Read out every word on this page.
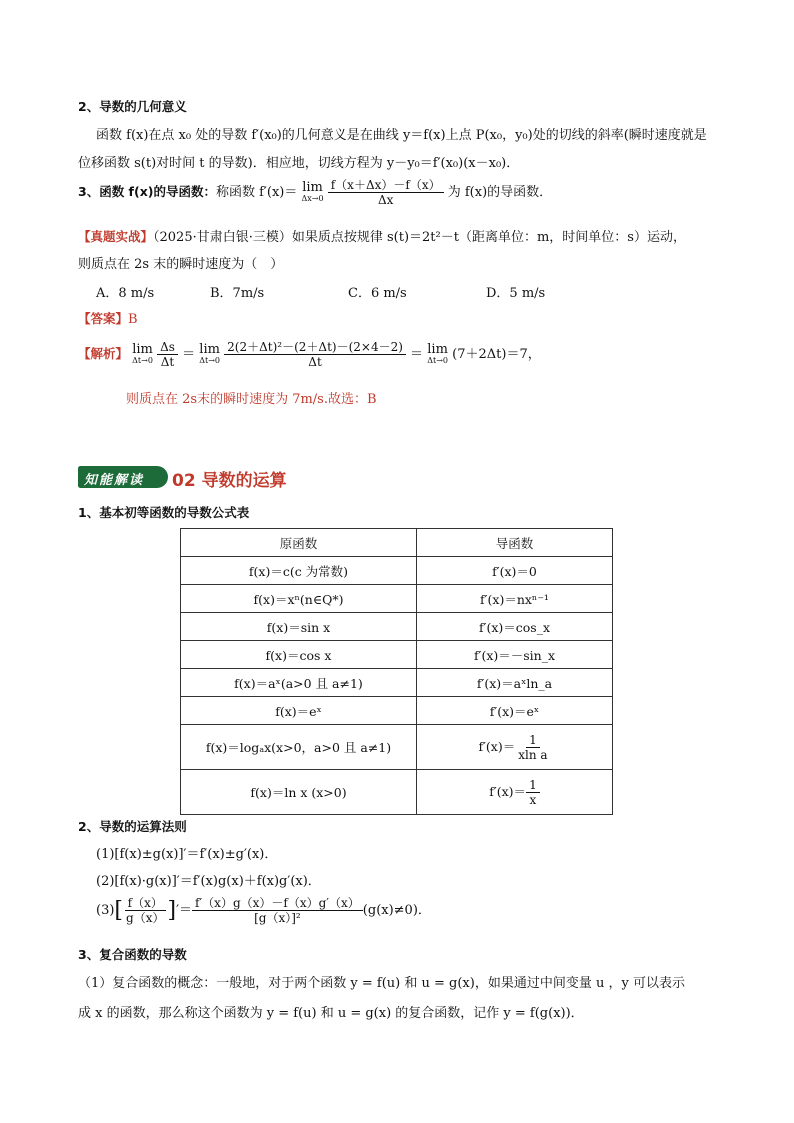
2、导数的几何意义
函数 f(x)在点 x₀ 处的导数 f′(x₀)的几何意义是在曲线 y＝f(x)上点 P(x₀，y₀)处的切线的斜率(瞬时速度就是
位移函数 s(t)对时间 t 的导数)．相应地，切线方程为 y－y₀＝f′(x₀)(x－x₀)．
3、函数 f(x)的导函数：称函数 f′(x)＝ lim
Δx→0
$\frac{f(x+\Delta x)-f(x)}{\Delta x}$ 为 f(x)的导函数．
【真题实战】（2025·甘肃白银·三模）如果质点按规律 s(t)＝2t²－t（距离单位：m，时间单位：s）运动，
则质点在 2s 末的瞬时速度为（　）
A．8 m/s	B．7m/s	C．6 m/s	D．5 m/s
【答案】B
【解析】 lim
Δt→0
$\frac{\Delta s}{\Delta t} = \lim$
Δt→0
$\frac{\text{2(2＋Δt)²－(2＋Δt)－(2×4－2)}}{\Delta t} = \lim$
Δt→0 (7＋2Δt)＝7，
则质点在 2s末的瞬时速度为 7m/s.故选：B
知能解读 02 导数的运算
1、基本初等函数的导数公式表
原函数	导函数
f(x)＝c(c 为常数)	f′(x)＝0
f(x)＝xⁿ(n∈Q*)	f′(x)＝nxⁿ⁻¹
f(x)＝sin x	f′(x)＝cos_x
f(x)＝cos x	f′(x)＝－sin_x
f(x)＝aˣ(a>0 且 a≠1)	f′(x)＝aˣln_a
f(x)＝eˣ	f′(x)＝eˣ
f(x)＝logₐx(x>0，a>0 且 a≠1)	$f'(x)= \frac{1}{\text{xln a}}$

f(x)＝ln x (x>0)	$f'(x)= \frac{1}{x}$
2、导数的运算法则
(1)[f(x)±g(x)]′＝f′(x)±g′(x)．
(2)[f(x)·g(x)]′＝f′(x)g(x)＋f(x)g′(x)．
$(3)[ \frac{f(x)}{g(x)}$ ]′＝ $\frac{f'(x)g(x)-f(x)g'(x)}{\text{[g（x）]²}} (g(x)\ne 0)$．
3、复合函数的导数
（1）复合函数的概念：一般地，对于两个函数 y = f(u) 和 u = g(x)，如果通过中间变量 u ，y 可以表示
成 x 的函数，那么称这个函数为 y = f(u) 和 u = g(x) 的复合函数，记作 y = f(g(x))．
